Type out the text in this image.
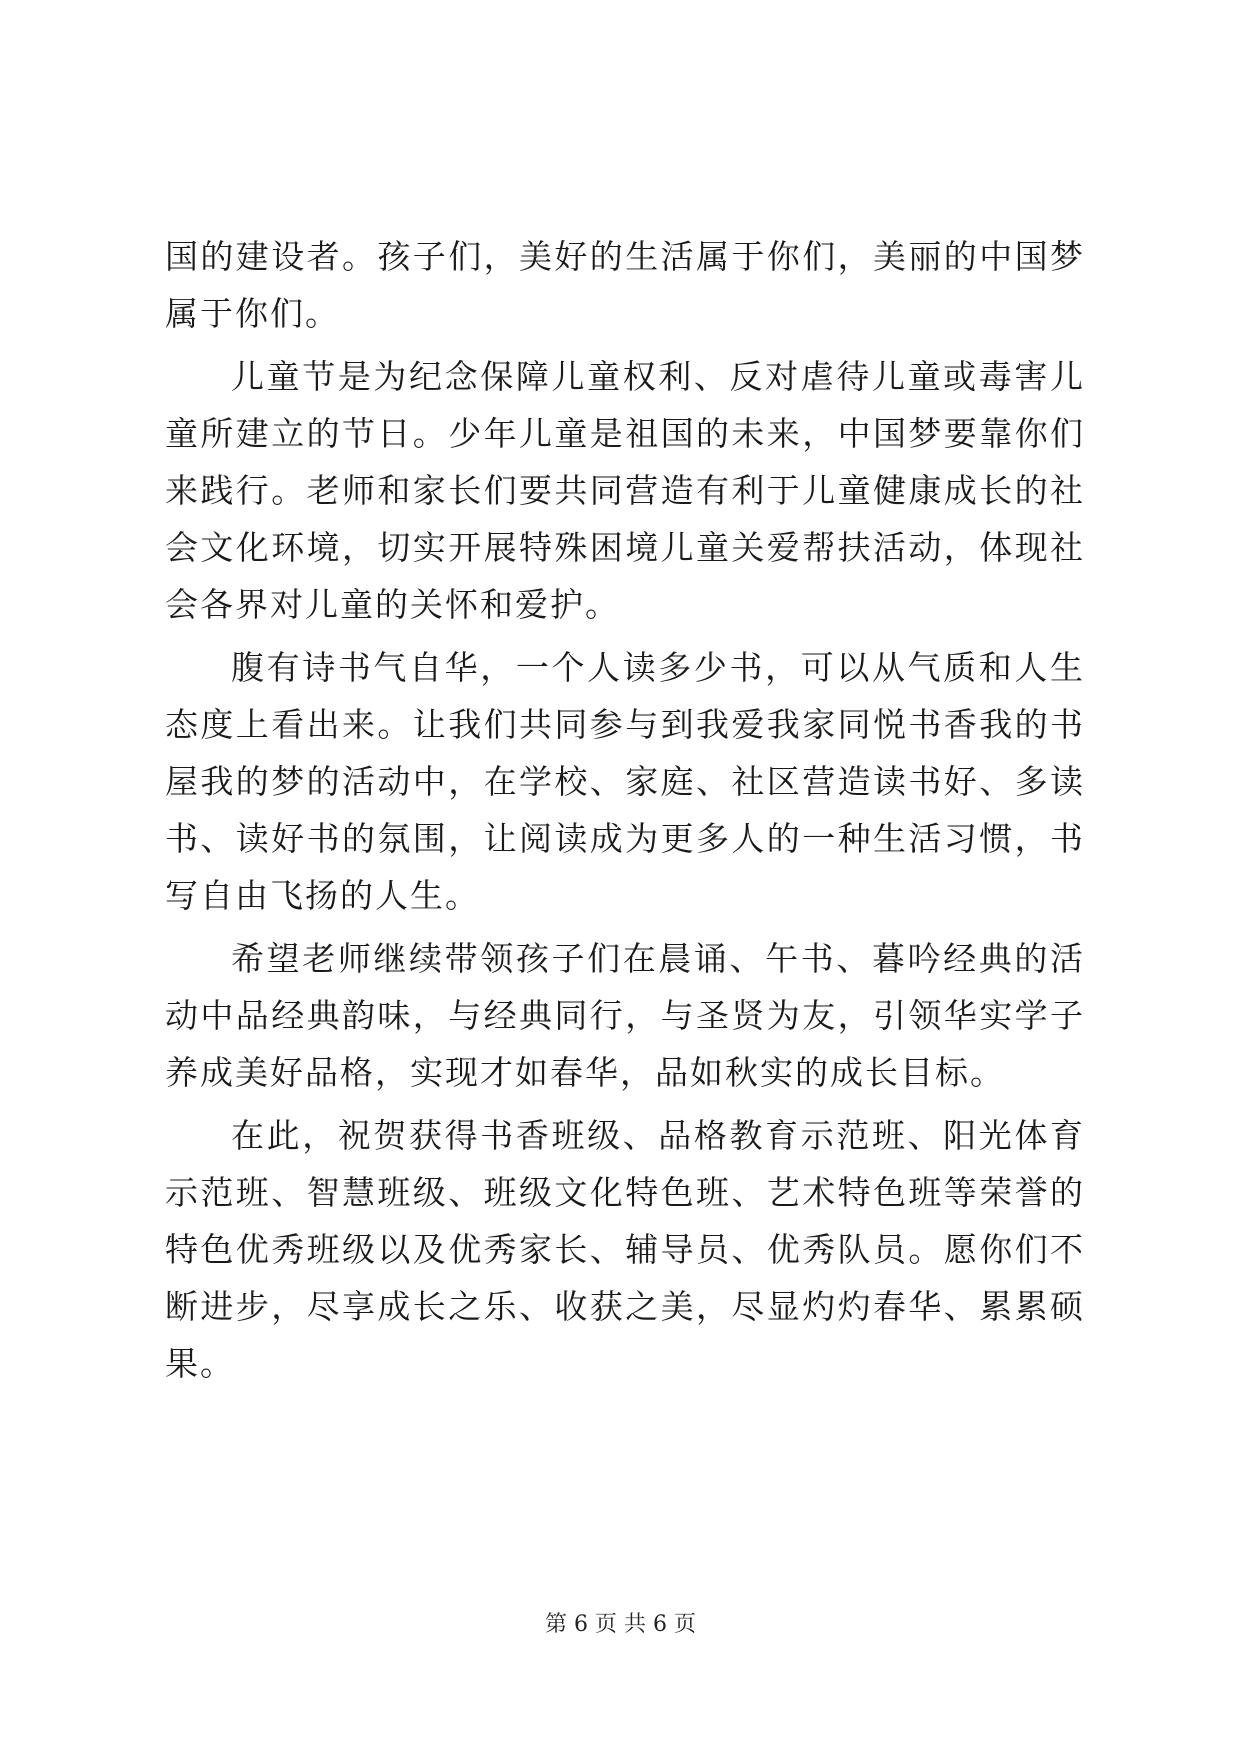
国的建设者。孩子们，美好的生活属于你们，美丽的中国梦属于你们。

儿童节是为纪念保障儿童权利、反对虐待儿童或毒害儿童所建立的节日。少年儿童是祖国的未来，中国梦要靠你们来践行。老师和家长们要共同营造有利于儿童健康成长的社会文化环境，切实开展特殊困境儿童关爱帮扶活动，体现社会各界对儿童的关怀和爱护。

腹有诗书气自华，一个人读多少书，可以从气质和人生态度上看出来。让我们共同参与到我爱我家同悦书香我的书屋我的梦的活动中，在学校、家庭、社区营造读书好、多读书、读好书的氛围，让阅读成为更多人的一种生活习惯，书写自由飞扬的人生。

希望老师继续带领孩子们在晨诵、午书、暮吟经典的活动中品经典韵味，与经典同行，与圣贤为友，引领华实学子养成美好品格，实现才如春华，品如秋实的成长目标。

在此，祝贺获得书香班级、品格教育示范班、阳光体育示范班、智慧班级、班级文化特色班、艺术特色班等荣誉的特色优秀班级以及优秀家长、辅导员、优秀队员。愿你们不断进步，尽享成长之乐、收获之美，尽显灼灼春华、累累硕果。

第 6 页 共 6 页
